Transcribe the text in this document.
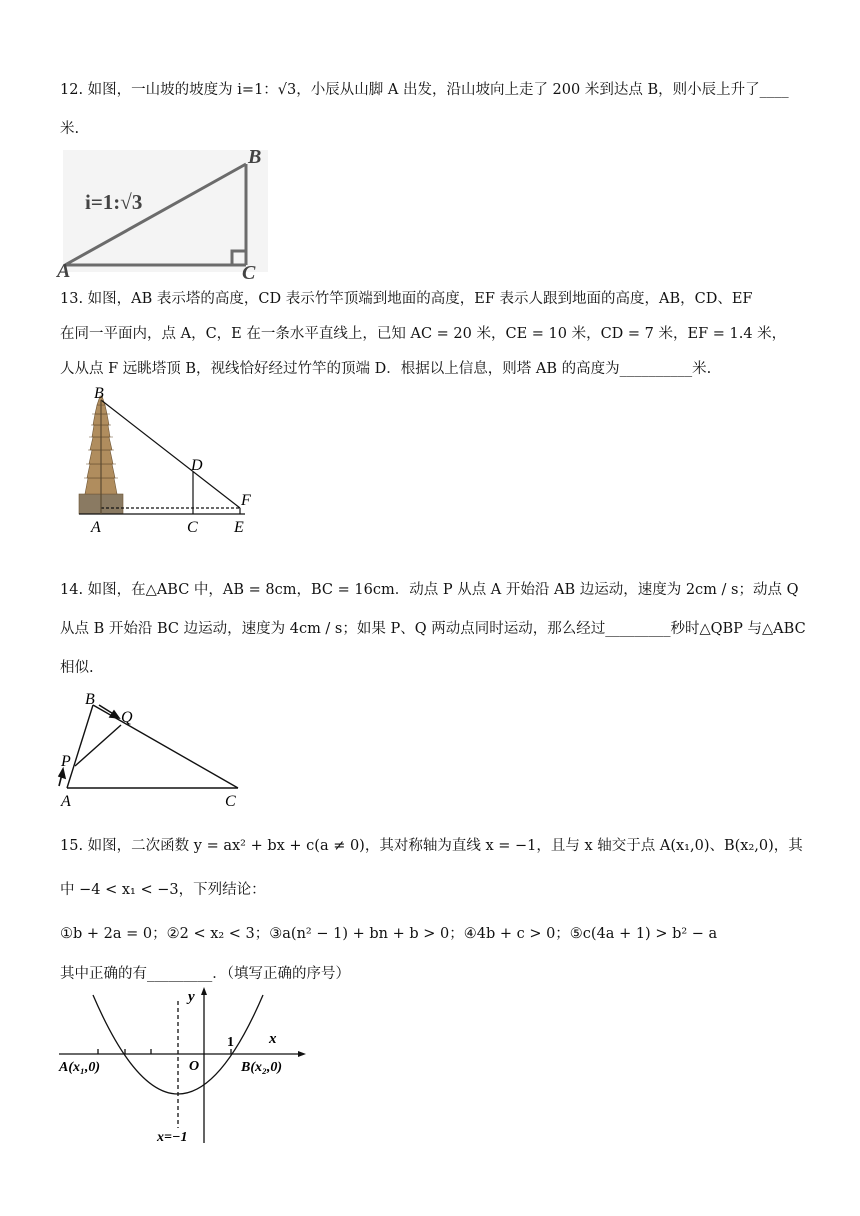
12. 如图，一山坡的坡度为 i=1：√3，小辰从山脚 A 出发，沿山坡向上走了 200 米到达点 B，则小辰上升了____
米.
i=1:√3
B
A	C
13. 如图，AB 表示塔的高度，CD 表示竹竿顶端到地面的高度，EF 表示人跟到地面的高度，AB，CD、EF
在同一平面内，点 A，C，E 在一条水平直线上，已知 AC = 20 米，CE = 10 米，CD = 7 米，EF = 1.4 米，
人从点 F 远眺塔顶 B，视线恰好经过竹竿的顶端 D．根据以上信息，则塔 AB 的高度为__________米.
B
D
F
A	C E
14. 如图，在△ABC 中，AB = 8cm，BC = 16cm．动点 P 从点 A 开始沿 AB 边运动，速度为 2cm / s；动点 Q
从点 B 开始沿 BC 边运动，速度为 4cm / s；如果 P、Q 两动点同时运动，那么经过_________秒时△QBP 与△ABC
相似.
B
Q
P
A	C
15. 如图，二次函数 y = ax² + bx + c(a ≠ 0)，其对称轴为直线 x = −1，且与 x 轴交于点 A(x₁,0)、B(x₂,0)，其
中 −4 < x₁ < −3，下列结论：
①b + 2a = 0；②2 < x₂ < 3；③a(n² − 1) + bn + b > 0；④4b + c > 0；⑤c(4a + 1) > b² − a
其中正确的有_________．（填写正确的序号）
y
x
1
O
A(x₁,0)	B(x₂,0)
x=−1
